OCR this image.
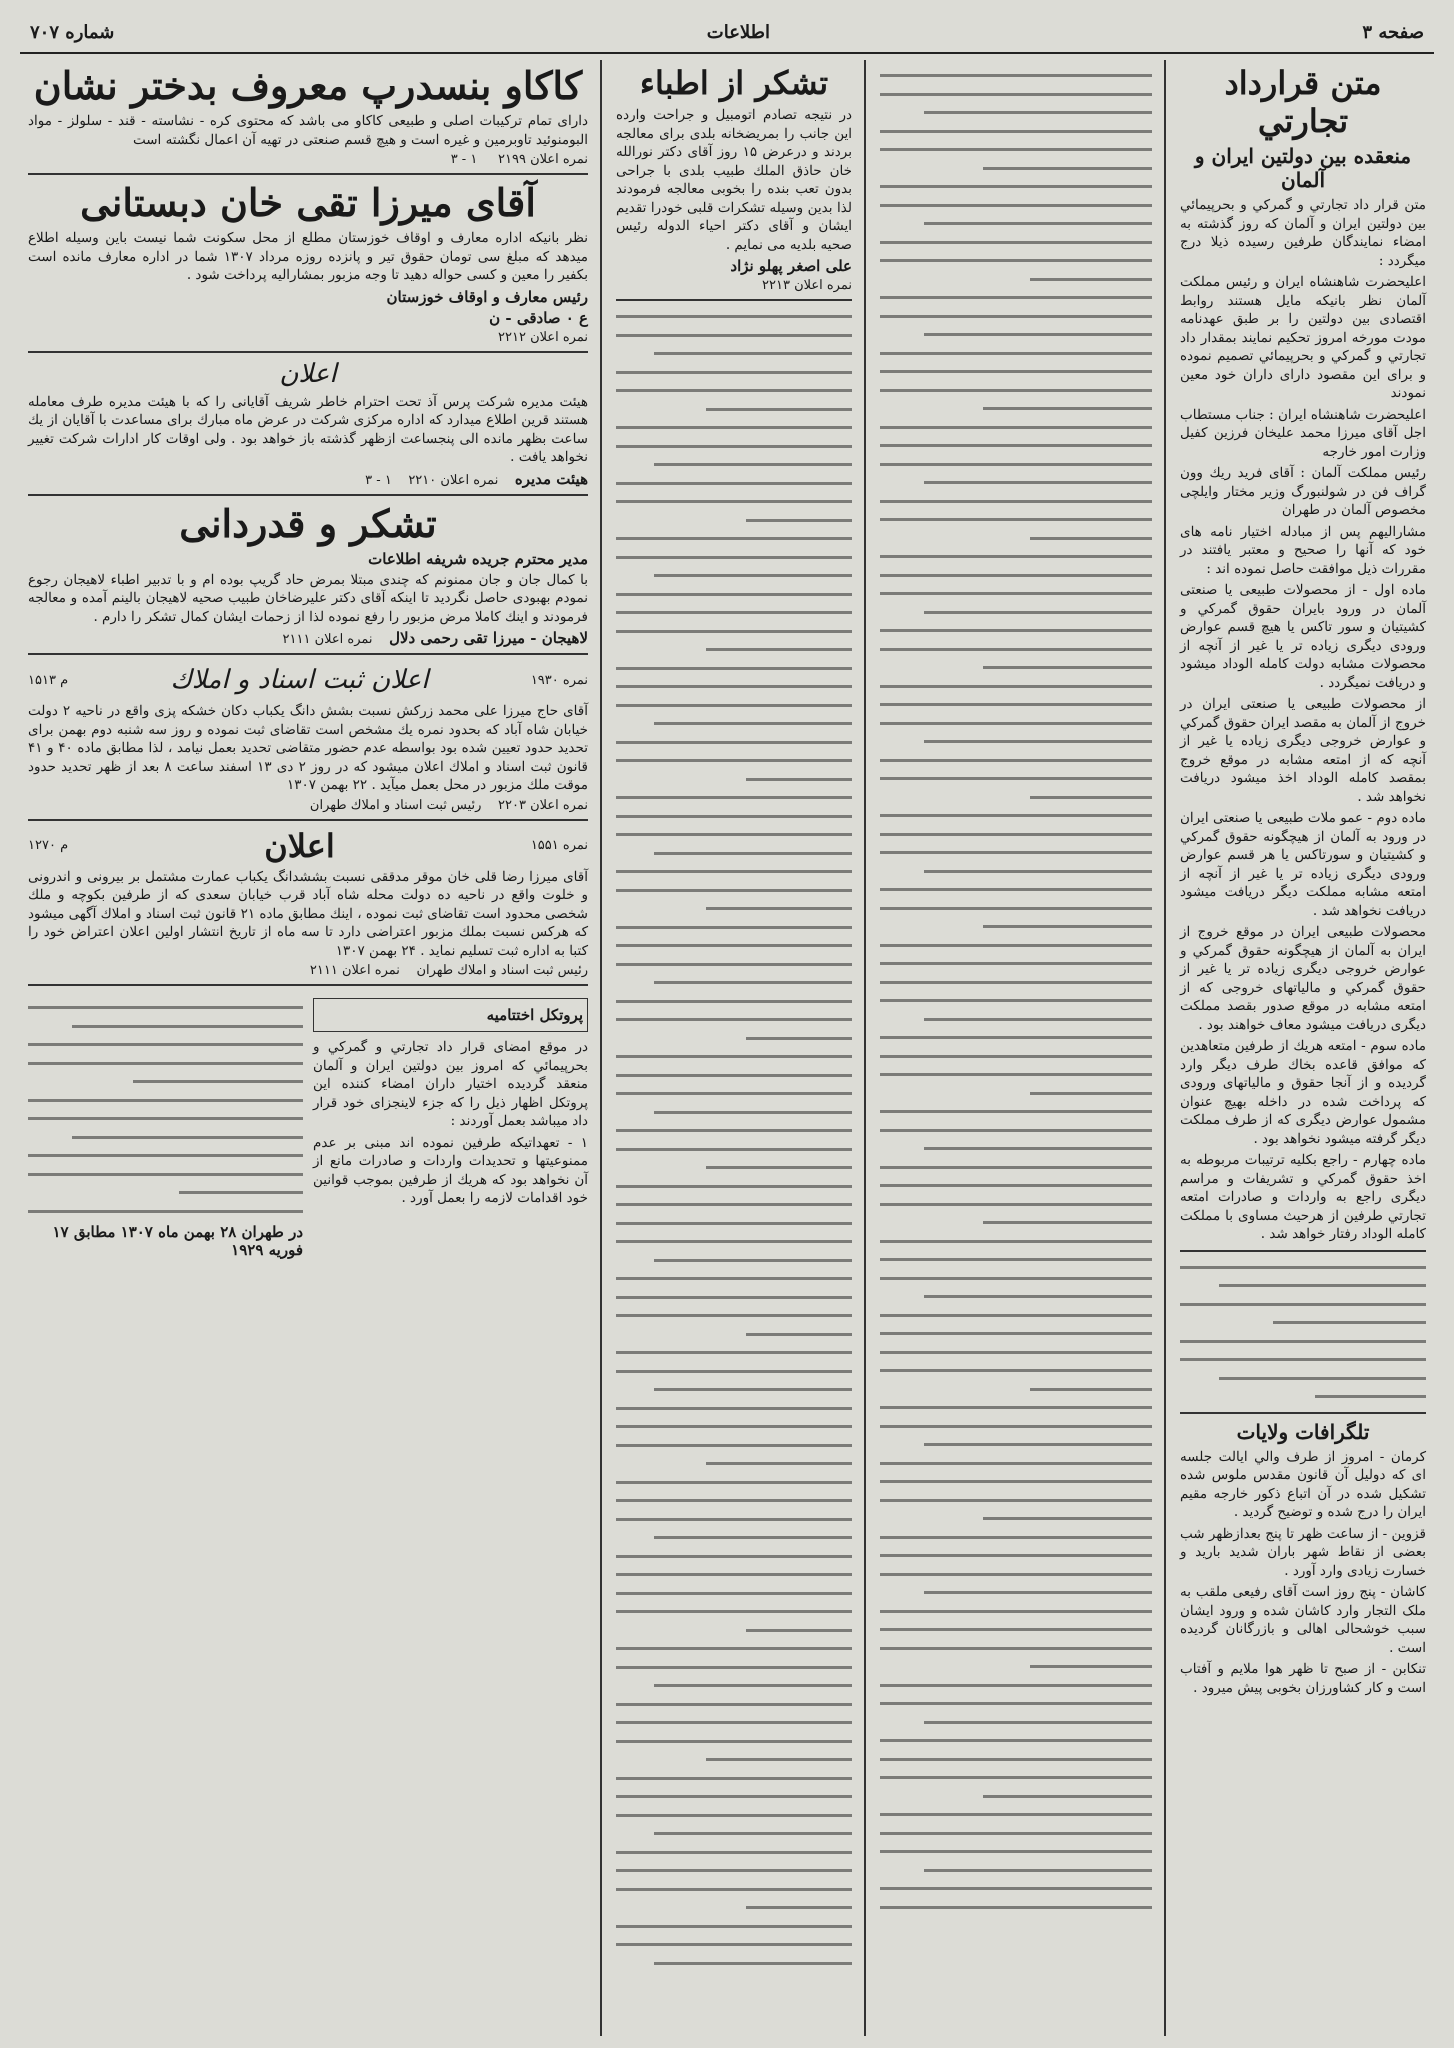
صفحه ۳
اطلاعات
شماره ۷۰۷
متن قرارداد تجارتي
منعقده بین دولتین ایران و آلمان

متن قرار داد تجارتي و گمرکي و بحرپیمائي بین دولتین ایران و آلمان که روز گذشته به امضاء نمایندگان طرفین رسیده ذیلا درج میگردد :

اعلیحضرت شاهنشاه ایران و رئیس مملکت آلمان نظر بانیکه مایل هستند روابط اقتصادی بین دولتین را بر طبق عهدنامه مودت مورخه امروز تحکیم نمایند بمقدار داد تجارتي و گمرکي و بحرپیمائي تصمیم نموده و برای این مقصود دارای داران خود معین نمودند

اعلیحضرت شاهنشاه ایران : جناب مستطاب اجل آقای میرزا محمد علیخان فرزین کفیل وزارت امور خارجه

رئیس مملکت آلمان : آقای فرید ریك وون گراف فن در شولنبورگ وزیر مختار وایلچی مخصوص آلمان در طهران

مشارالیهم پس از مبادله اختیار نامه های خود که آنها را صحیح و معتبر یافتند در مقررات ذیل موافقت حاصل نموده اند :

ماده اول - از محصولات طبیعی یا صنعتی آلمان در ورود بایران حقوق گمرکي و کشیتیان و سور تاکس یا هیچ قسم عوارض ورودی دیگری زیاده تر یا غیر از آنچه از محصولات مشابه دولت کامله الوداد میشود و دریافت نمیگردد .

از محصولات طبیعی یا صنعتی ایران در خروج از آلمان به مقصد ایران حقوق گمرکي و عوارض خروجی دیگری زیاده یا غیر از آنچه که از امتعه مشابه در موقع خروج بمقصد کامله الوداد اخذ میشود دریافت نخواهد شد .

ماده دوم - عمو ملات طبیعی یا صنعتی ایران در ورود به آلمان از هیچگونه حقوق گمرکي و کشیتیان و سورتاکس یا هر قسم عوارض ورودی دیگری زیاده تر یا غیر از آنچه از امتعه مشابه مملکت دیگر دریافت میشود دریافت نخواهد شد .

محصولات طبیعی ایران در موقع خروج از ایران به آلمان از هیچگونه حقوق گمرکي و عوارض خروجی دیگری زیاده تر یا غیر از حقوق گمرکي و مالیاتهای خروجی که از امتعه مشابه در موقع صدور بقصد مملکت دیگری دریافت میشود معاف خواهند بود .

ماده سوم - امتعه هریك از طرفین متعاهدین که موافق قاعده بخاك طرف دیگر وارد گردیده و از آنجا حقوق و مالیاتهای ورودی که پرداخت شده در داخله بهیچ عنوان مشمول عوارض دیگری که از طرف مملکت دیگر گرفته میشود نخواهد بود .

ماده چهارم - راجع بکلیه ترتیبات مربوطه به اخذ حقوق گمرکي و تشریفات و مراسم دیگری راجع به واردات و صادرات امتعه تجارتي طرفین از هرحیث مساوی با مملکت کامله الوداد رفتار خواهد شد .

تلگرافات ولایات

کرمان - امروز از طرف والي ایالت جلسه ای که دولیل آن قانون مقدس ملوس شده تشکیل شده در آن اتباع ذکور خارجه مقیم ایران را درج شده و توضیح گردید .

قزوین - از ساعت ظهر تا پنج بعدازظهر شب بعضی از نقاط شهر باران شدید بارید و خسارت زیادی وارد آورد .

کاشان - پنج روز است آقای رفیعی ملقب به ملک التجار وارد کاشان شده و ورود ایشان سبب خوشحالی اهالی و بازرگانان گردیده است .

تنکابن - از صبح تا ظهر هوا ملایم و آفتاب است و کار کشاورزان بخوبی پیش میرود .

تشکر از اطباء

در نتیجه تصادم اتومبیل و جراحت وارده این جانب را بمریضخانه بلدی برای معالجه بردند و درعرض ۱۵ روز آقای دکتر نورالله خان حاذق الملك طبیب بلدی با جراحی بدون تعب بنده را بخوبی معالجه فرمودند لذا بدین وسیله تشکرات قلبی خودرا تقدیم ایشان و آقای دکتر احیاء الدوله رئیس صحیه بلدیه می نمایم .

علی اصغر پهلو نژاد
نمره اعلان ۲۲۱۳
کاکاو بنسدرپ معروف بدختر نشان

دارای تمام ترکیبات اصلی و طبیعی کاکاو می باشد که محتوی کره - نشاسته - قند - سلولز - مواد البومنوئید تاوبرمین و غیره است و هیچ قسم صنعتی در تهیه آن اعمال نگشته است

نمره اعلان ۲۱۹۹     ۱ - ۳
آقای میرزا تقی خان دبستانی

نظر بانیکه اداره معارف و اوقاف خوزستان مطلع از محل سکونت شما نیست باین وسیله اطلاع میدهد که مبلغ سی تومان حقوق تیر و پانزده روزه مرداد ۱۳۰۷ شما در اداره معارف مانده است بکفیر را معین و کسی حواله دهید تا وجه مزبور بمشارالیه پرداخت شود .

رئیس معارف و اوقاف خوزستان
ع ۰ صادقی - ن
نمره اعلان ۲۲۱۲
اعلان

هیئت مدیره شرکت پرس آذ تحت احترام خاطر شریف آقایانی را که با هیئت مدیره طرف معامله هستند قرین اطلاع میدارد که اداره مرکزی شرکت در عرض ماه مبارك برای مساعدت با آقایان از یك ساعت بظهر مانده الی پنجساعت ازظهر گذشته باز خواهد بود . ولی اوقات کار ادارات شرکت تغییر نخواهد یافت .

هیئت مدیره    نمره اعلان ۲۲۱۰    ۱ - ۳
تشکر و قدردانی
مدیر محترم جریده شریفه اطلاعات

با کمال جان و جان ممنونم که چندی مبتلا بمرض حاد گریپ بوده ام و با تدبیر اطباء لاهیجان رجوع نمودم بهبودی حاصل نگردید تا اینکه آقای دکتر علیرضاخان طبیب صحیه لاهیجان بالینم آمده و معالجه فرمودند و اینك کاملا مرض مزبور را رفع نموده لذا از زحمات ایشان کمال تشکر را دارم .

لاهیجان - میرزا تقی رحمی دلال    نمره اعلان ۲۱۱۱
نمره ۱۹۳۰
اعلان ثبت اسناد و املاك
م ۱۵۱۳

آقای حاج میرزا علی محمد زرکش نسبت بشش دانگ یکباب دکان خشکه پزی واقع در ناحیه ۲ دولت خیابان شاه آباد که بحدود نمره یك مشخص است تقاضای ثبت نموده و روز سه شنبه دوم بهمن برای تحدید حدود تعیین شده بود بواسطه عدم حضور متقاضی تحدید بعمل نیامد ، لذا مطابق ماده ۴۰ و ۴۱ قانون ثبت اسناد و املاك اعلان میشود که در روز ۲ دی ۱۳ اسفند ساعت ۸ بعد از ظهر تحدید حدود موقت ملك مزبور در محل بعمل میآید . ۲۲ بهمن ۱۳۰۷

نمره اعلان ۲۲۰۳    رئیس ثبت اسناد و املاك طهران
نمره ۱۵۵۱
اعلان
م ۱۲۷۰

آقای میرزا رضا قلی خان موقر مدققی نسبت بششدانگ یکباب عمارت مشتمل بر بیرونی و اندرونی و خلوت واقع در ناحیه ده دولت محله شاه آباد قرب خیابان سعدی که از طرفین بکوچه و ملك شخصی محدود است تقاضای ثبت نموده ، اینك مطابق ماده ۲۱ قانون ثبت اسناد و املاك آگهی میشود که هرکس نسبت بملك مزبور اعتراضی دارد تا سه ماه از تاریخ انتشار اولین اعلان اعتراض خود را کتبا به اداره ثبت تسلیم نماید . ۲۴ بهمن ۱۳۰۷

رئیس ثبت اسناد و املاك طهران    نمره اعلان ۲۱۱۱
پروتکل اختتامیه

در موقع امضای قرار داد تجارتي و گمرکي و بحرپیمائي که امروز بین دولتین ایران و آلمان منعقد گردیده اختیار داران امضاء کننده این پروتکل اظهار ذیل را که جزء لاینجزای خود قرار داد میباشد بعمل آوردند :

۱ - تعهداتیکه طرفین نموده اند مبنی بر عدم ممنوعیتها و تحدیدات واردات و صادرات مانع از آن نخواهد بود که هریك از طرفین بموجب قوانین خود اقدامات لازمه را بعمل آورد .

در طهران ۲۸ بهمن ماه ۱۳۰۷ مطابق ۱۷ فوریه ۱۹۲۹
